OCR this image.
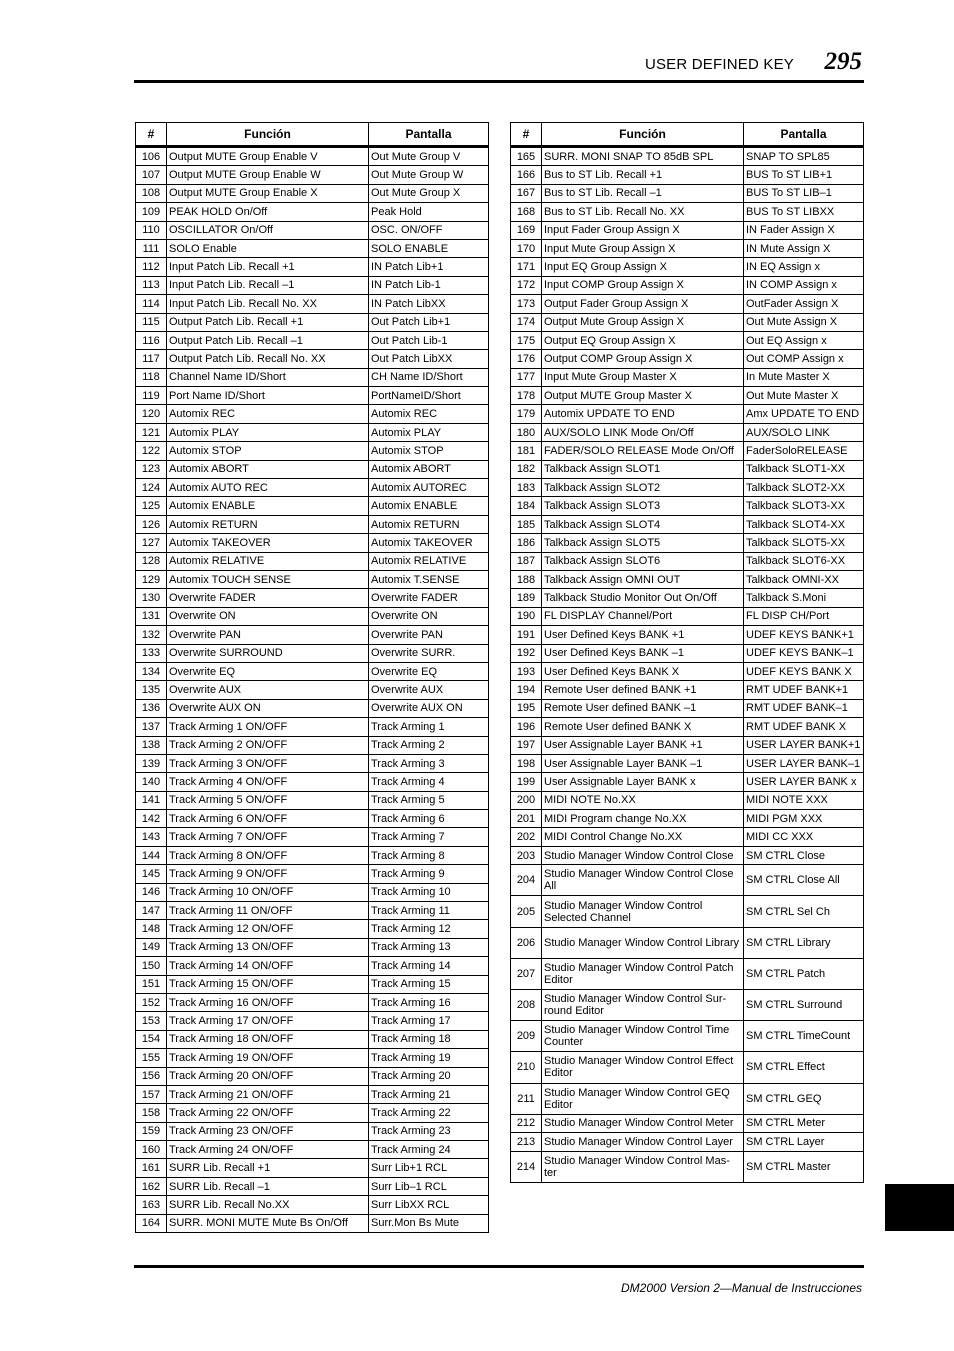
USER DEFINED KEY 295
#	Función	Pantalla
106	Output MUTE Group Enable V	Out Mute Group V
107	Output MUTE Group Enable W	Out Mute Group W
108	Output MUTE Group Enable X	Out Mute Group X
109	PEAK HOLD On/Off	Peak Hold
110	OSCILLATOR On/Off	OSC. ON/OFF
111	SOLO Enable	SOLO ENABLE
112	Input Patch Lib. Recall +1	IN Patch Lib+1
113	Input Patch Lib. Recall –1	IN Patch Lib-1
114	Input Patch Lib. Recall No. XX	IN Patch LibXX
115	Output Patch Lib. Recall +1	Out Patch Lib+1
116	Output Patch Lib. Recall –1	Out Patch Lib-1
117	Output Patch Lib. Recall No. XX	Out Patch LibXX
118	Channel Name ID/Short	CH Name ID/Short
119	Port Name ID/Short	PortNameID/Short
120	Automix REC	Automix REC
121	Automix PLAY	Automix PLAY
122	Automix STOP	Automix STOP
123	Automix ABORT	Automix ABORT
124	Automix AUTO REC	Automix AUTOREC
125	Automix ENABLE	Automix ENABLE
126	Automix RETURN	Automix RETURN
127	Automix TAKEOVER	Automix TAKEOVER
128	Automix RELATIVE	Automix RELATIVE
129	Automix TOUCH SENSE	Automix T.SENSE
130	Overwrite FADER	Overwrite FADER
131	Overwrite ON	Overwrite ON
132	Overwrite PAN	Overwrite PAN
133	Overwrite SURROUND	Overwrite SURR.
134	Overwrite EQ	Overwrite EQ
135	Overwrite AUX	Overwrite AUX
136	Overwrite AUX ON	Overwrite AUX ON
137	Track Arming 1 ON/OFF	Track Arming 1
138	Track Arming 2 ON/OFF	Track Arming 2
139	Track Arming 3 ON/OFF	Track Arming 3
140	Track Arming 4 ON/OFF	Track Arming 4
141	Track Arming 5 ON/OFF	Track Arming 5
142	Track Arming 6 ON/OFF	Track Arming 6
143	Track Arming 7 ON/OFF	Track Arming 7
144	Track Arming 8 ON/OFF	Track Arming 8
145	Track Arming 9 ON/OFF	Track Arming 9
146	Track Arming 10 ON/OFF	Track Arming 10
147	Track Arming 11 ON/OFF	Track Arming 11
148	Track Arming 12 ON/OFF	Track Arming 12
149	Track Arming 13 ON/OFF	Track Arming 13
150	Track Arming 14 ON/OFF	Track Arming 14
151	Track Arming 15 ON/OFF	Track Arming 15
152	Track Arming 16 ON/OFF	Track Arming 16
153	Track Arming 17 ON/OFF	Track Arming 17
154	Track Arming 18 ON/OFF	Track Arming 18
155	Track Arming 19 ON/OFF	Track Arming 19
156	Track Arming 20 ON/OFF	Track Arming 20
157	Track Arming 21 ON/OFF	Track Arming 21
158	Track Arming 22 ON/OFF	Track Arming 22
159	Track Arming 23 ON/OFF	Track Arming 23
160	Track Arming 24 ON/OFF	Track Arming 24
161	SURR Lib. Recall +1	Surr Lib+1 RCL
162	SURR Lib. Recall –1	Surr Lib–1 RCL
163	SURR Lib. Recall No.XX	Surr LibXX RCL
164	SURR. MONI MUTE Mute Bs On/Off	Surr.Mon Bs Mute
#	Función	Pantalla
165	SURR. MONI SNAP TO 85dB SPL	SNAP TO SPL85
166	Bus to ST Lib. Recall +1	BUS To ST LIB+1
167	Bus to ST Lib. Recall –1	BUS To ST LIB–1
168	Bus to ST Lib. Recall No. XX	BUS To ST LIBXX
169	Input Fader Group Assign X	IN Fader Assign X
170	Input Mute Group Assign X	IN Mute Assign X
171	Input EQ Group Assign X	IN EQ Assign x
172	Input COMP Group Assign X	IN COMP Assign x
173	Output Fader Group Assign X	OutFader Assign X
174	Output Mute Group Assign X	Out Mute Assign X
175	Output EQ Group Assign X	Out EQ Assign x
176	Output COMP Group Assign X	Out COMP Assign x
177	Input Mute Group Master X	In Mute Master X
178	Output MUTE Group Master X	Out Mute Master X
179	Automix UPDATE TO END	Amx UPDATE TO END
180	AUX/SOLO LINK Mode On/Off	AUX/SOLO LINK
181	FADER/SOLO RELEASE Mode On/Off	FaderSoloRELEASE
182	Talkback Assign SLOT1	Talkback SLOT1-XX
183	Talkback Assign SLOT2	Talkback SLOT2-XX
184	Talkback Assign SLOT3	Talkback SLOT3-XX
185	Talkback Assign SLOT4	Talkback SLOT4-XX
186	Talkback Assign SLOT5	Talkback SLOT5-XX
187	Talkback Assign SLOT6	Talkback SLOT6-XX
188	Talkback Assign OMNI OUT	Talkback OMNI-XX
189	Talkback Studio Monitor Out On/Off	Talkback S.Moni
190	FL DISPLAY Channel/Port	FL DISP CH/Port
191	User Defined Keys BANK +1	UDEF KEYS BANK+1
192	User Defined Keys BANK –1	UDEF KEYS BANK–1
193	User Defined Keys BANK X	UDEF KEYS BANK X
194	Remote User defined BANK +1	RMT UDEF BANK+1
195	Remote User defined BANK –1	RMT UDEF BANK–1
196	Remote User defined BANK X	RMT UDEF BANK X
197	User Assignable Layer BANK +1	USER LAYER BANK+1
198	User Assignable Layer BANK –1	USER LAYER BANK–1
199	User Assignable Layer BANK x	USER LAYER BANK x
200	MIDI NOTE No.XX	MIDI NOTE XXX
201	MIDI Program change No.XX	MIDI PGM XXX
202	MIDI Control Change No.XX	MIDI CC XXX
203	Studio Manager Window Control Close	SM CTRL Close
204	Studio Manager Window Control Close All	SM CTRL Close All
205	Studio Manager Window Control Selected Channel	SM CTRL Sel Ch
206	Studio Manager Window Control Library	SM CTRL Library
207	Studio Manager Window Control Patch Editor	SM CTRL Patch
208	Studio Manager Window Control Sur-round Editor	SM CTRL Surround
209	Studio Manager Window Control Time Counter	SM CTRL TimeCount
210	Studio Manager Window Control Effect Editor	SM CTRL Effect
211	Studio Manager Window Control GEQ Editor	SM CTRL GEQ
212	Studio Manager Window Control Meter	SM CTRL Meter
213	Studio Manager Window Control Layer	SM CTRL Layer
214	Studio Manager Window Control Mas-ter	SM CTRL Master
DM2000 Version 2—Manual de Instrucciones
